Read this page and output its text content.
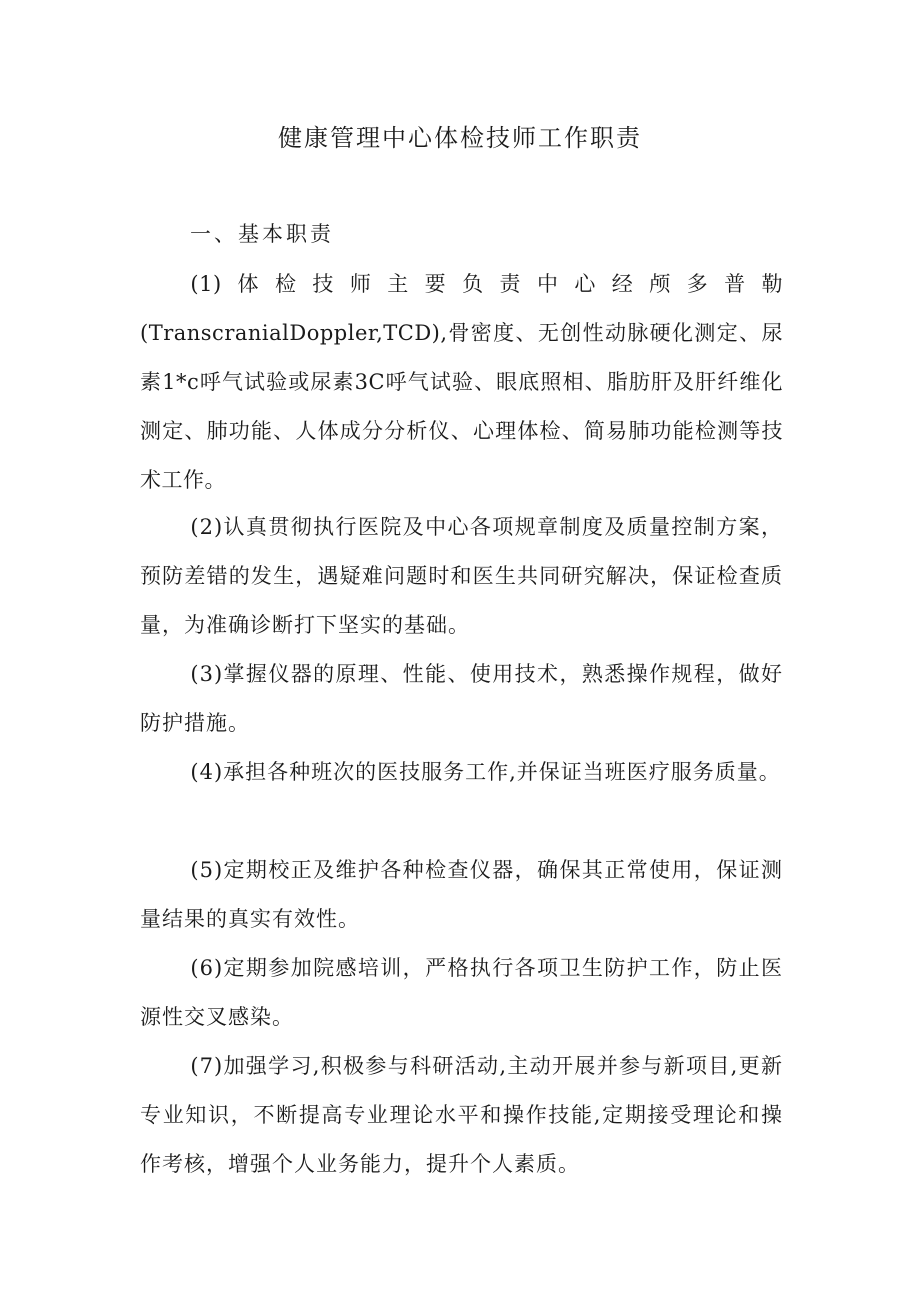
健康管理中心体检技师工作职责
一、基本职责

(1)体检技师主要负责中心经颅多普勒(TranscranialDoppler,TCD),骨密度、无创性动脉硬化测定、尿素1*c呼气试验或尿素3C呼气试验、眼底照相、脂肪肝及肝纤维化测定、肺功能、人体成分分析仪、心理体检、简易肺功能检测等技术工作。

(2)认真贯彻执行医院及中心各项规章制度及质量控制方案，预防差错的发生，遇疑难问题时和医生共同研究解决，保证检查质量，为准确诊断打下坚实的基础。

(3)掌握仪器的原理、性能、使用技术，熟悉操作规程，做好防护措施。

(4)承担各种班次的医技服务工作,并保证当班医疗服务质量。

(5)定期校正及维护各种检查仪器，确保其正常使用，保证测量结果的真实有效性。

(6)定期参加院感培训，严格执行各项卫生防护工作，防止医源性交叉感染。

(7)加强学习,积极参与科研活动,主动开展并参与新项目,更新专业知识，不断提高专业理论水平和操作技能,定期接受理论和操作考核，增强个人业务能力，提升个人素质。
